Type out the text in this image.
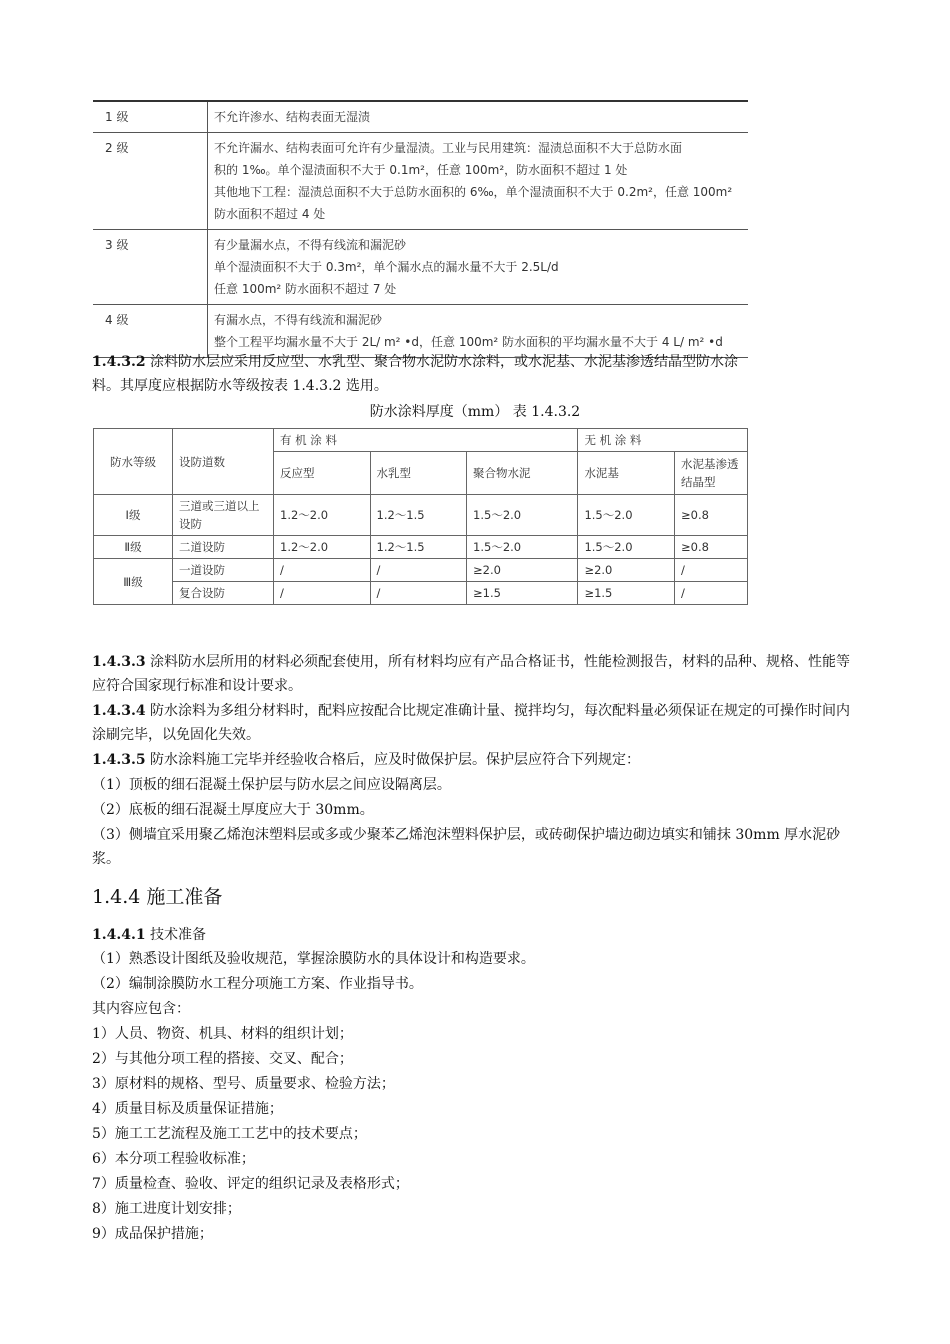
1 级	不允许渗水、结构表面无湿渍

2 级	不允许漏水、结构表面可允许有少量湿渍。工业与民用建筑：湿渍总面积不大于总防水面
积的 1‰。单个湿渍面积不大于 0.1m²，任意 100m²，防水面积不超过 1 处
其他地下工程：湿渍总面积不大于总防水面积的 6‰，单个湿渍面积不大于 0.2m²，任意 100m²
防水面积不超过 4 处

3 级	有少量漏水点，不得有线流和漏泥砂
单个湿渍面积不大于 0.3m²，单个漏水点的漏水量不大于 2.5L/d
任意 100m² 防水面积不超过 7 处

4 级	有漏水点，不得有线流和漏泥砂
整个工程平均漏水量不大于 2L/ m² •d，任意 100m² 防水面积的平均漏水量不大于 4 L/ m² •d

1.4.3.2 涂料防水层应采用反应型、水乳型、聚合物水泥防水涂料，或水泥基、水泥基渗透结晶型防水涂料。其厚度应根据防水等级按表 1.4.3.2 选用。

防水涂料厚度（mm） 表 1.4.3.2
防水等级	设防道数	有 机 涂 料			无 机 涂 料	
		反应型	水乳型	聚合物水泥	水泥基	水泥基渗透结晶型
Ⅰ级	三道或三道以上设防	1.2～2.0	1.2～1.5	1.5～2.0	1.5～2.0	≥0.8
Ⅱ级	二道设防	1.2～2.0	1.2～1.5	1.5～2.0	1.5～2.0	≥0.8
Ⅲ级	一道设防	/	/	≥2.0	≥2.0	/
	复合设防	/	/	≥1.5	≥1.5	/

1.4.3.3 涂料防水层所用的材料必须配套使用，所有材料均应有产品合格证书，性能检测报告，材料的品种、规格、性能等应符合国家现行标准和设计要求。

1.4.3.4 防水涂料为多组分材料时，配料应按配合比规定准确计量、搅拌均匀，每次配料量必须保证在规定的可操作时间内涂刷完毕，以免固化失效。

1.4.3.5 防水涂料施工完毕并经验收合格后，应及时做保护层。保护层应符合下列规定：

（1）顶板的细石混凝土保护层与防水层之间应设隔离层。

（2）底板的细石混凝土厚度应大于 30mm。

（3）侧墙宜采用聚乙烯泡沫塑料层或多或少聚苯乙烯泡沫塑料保护层，或砖砌保护墙边砌边填实和铺抹 30mm 厚水泥砂浆。

1.4.4 施工准备

1.4.4.1 技术准备

（1）熟悉设计图纸及验收规范，掌握涂膜防水的具体设计和构造要求。

（2）编制涂膜防水工程分项施工方案、作业指导书。

其内容应包含：

1）人员、物资、机具、材料的组织计划；

2）与其他分项工程的搭接、交叉、配合；

3）原材料的规格、型号、质量要求、检验方法；

4）质量目标及质量保证措施；

5）施工工艺流程及施工工艺中的技术要点；

6）本分项工程验收标准；

7）质量检查、验收、评定的组织记录及表格形式；

8）施工进度计划安排；

9）成品保护措施；
